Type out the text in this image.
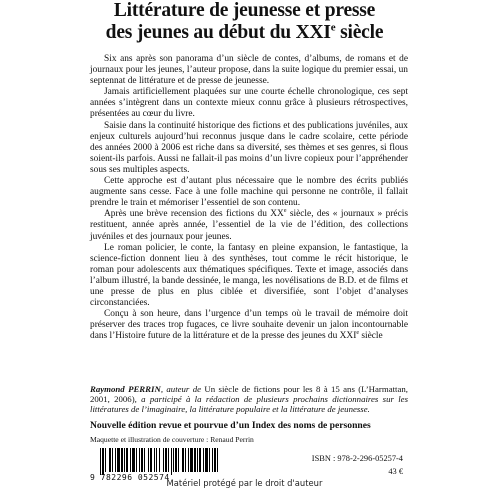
Littérature de jeunesse et presse
des jeunes au début du XXIe siècle

Six ans après son panorama d’un siècle de contes, d’albums, de romans et de journaux pour les jeunes, l’auteur propose, dans la suite logique du premier essai, un septennat de littérature et de presse de jeunesse.

Jamais artificiellement plaquées sur une courte échelle chronologique, ces sept années s’intègrent dans un contexte mieux connu grâce à plusieurs rétrospectives, présentées au cœur du livre.

Saisie dans la continuité historique des fictions et des publications juvéniles, aux enjeux culturels aujourd’hui reconnus jusque dans le cadre scolaire, cette période des années 2000 à 2006 est riche dans sa diversité, ses thèmes et ses genres, si flous soient-ils parfois. Aussi ne fallait-il pas moins d’un livre copieux pour l’appréhender sous ses multiples aspects.

Cette approche est d’autant plus nécessaire que le nombre des écrits publiés augmente sans cesse. Face à une folle machine qui personne ne contrôle, il fallait prendre le train et mémoriser l’essentiel de son contenu.

Après une brève recension des fictions du XXe siècle, des « journaux » précis restituent, année après année, l’essentiel de la vie de l’édition, des collections juvéniles et des journaux pour jeunes.

Le roman policier, le conte, la fantasy en pleine expansion, le fantastique, la science-fiction donnent lieu à des synthèses, tout comme le récit historique, le roman pour adolescents aux thématiques spécifiques. Texte et image, associés dans l’album illustré, la bande dessinée, le manga, les novélisations de B.D. et de films et une presse de plus en plus ciblée et diversifiée, sont l’objet d’analyses circonstanciées.

Conçu à son heure, dans l’urgence d’un temps où le travail de mémoire doit préserver des traces trop fugaces, ce livre souhaite devenir un jalon incontournable dans l’Histoire future de la littérature et de la presse des jeunes du XXIe siècle

Raymond PERRIN, auteur de Un siècle de fictions pour les 8 à 15 ans (L’Harmattan, 2001, 2006), a participé à la rédaction de plusieurs prochains dictionnaires sur les littératures de l’imaginaire, la littérature populaire et la littérature de jeunesse.
Nouvelle édition revue et pourvue d’un Index des noms de personnes
Maquette et illustration de couverture : Renaud Perrin
9 782296 052574
ISBN : 978-2-296-05257-4
43 €
Matériel protégé par le droit d'auteur
